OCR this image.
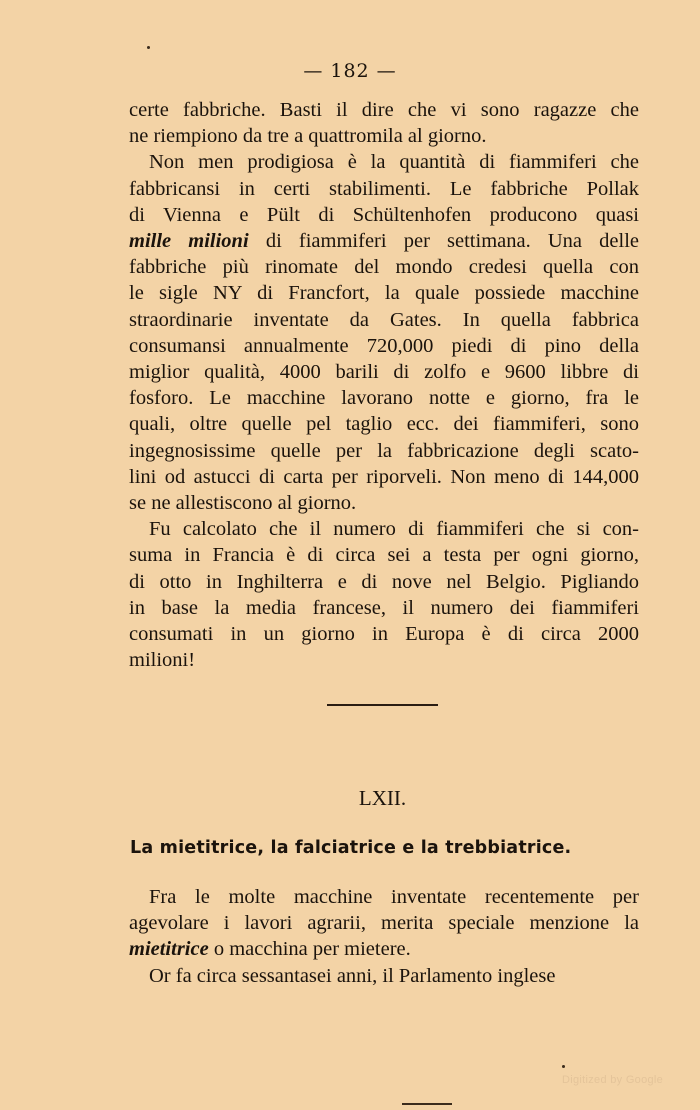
— 182 —

certe fabbriche. Basti il dire che vi sono ragazze che
ne riempiono da tre a quattromila al giorno.

Non men prodigiosa è la quantità di fiammiferi che
fabbricansi in certi stabilimenti. Le fabbriche Pollak
di Vienna e Pült di Schültenhofen producono quasi
mille milioni di fiammiferi per settimana. Una delle
fabbriche più rinomate del mondo credesi quella con
le sigle NY di Francfort, la quale possiede macchine
straordinarie inventate da Gates. In quella fabbrica
consumansi annualmente 720,000 piedi di pino della
miglior qualità, 4000 barili di zolfo e 9600 libbre di
fosforo. Le macchine lavorano notte e giorno, fra le
quali, oltre quelle pel taglio ecc. dei fiammiferi, sono
ingegnosissime quelle per la fabbricazione degli scato-
lini od astucci di carta per riporveli. Non meno di 144,000
se ne allestiscono al giorno.

Fu calcolato che il numero di fiammiferi che si con-
suma in Francia è di circa sei a testa per ogni giorno,
di otto in Inghilterra e di nove nel Belgio. Pigliando
in base la media francese, il numero dei fiammiferi
consumati in un giorno in Europa è di circa 2000
milioni!

LXII.
La mietitrice, la falciatrice e la trebbiatrice.

Fra le molte macchine inventate recentemente per
agevolare i lavori agrarii, merita speciale menzione la
mietitrice o macchina per mietere.

Or fa circa sessantasei anni, il Parlamento inglese

Digitized by Google
